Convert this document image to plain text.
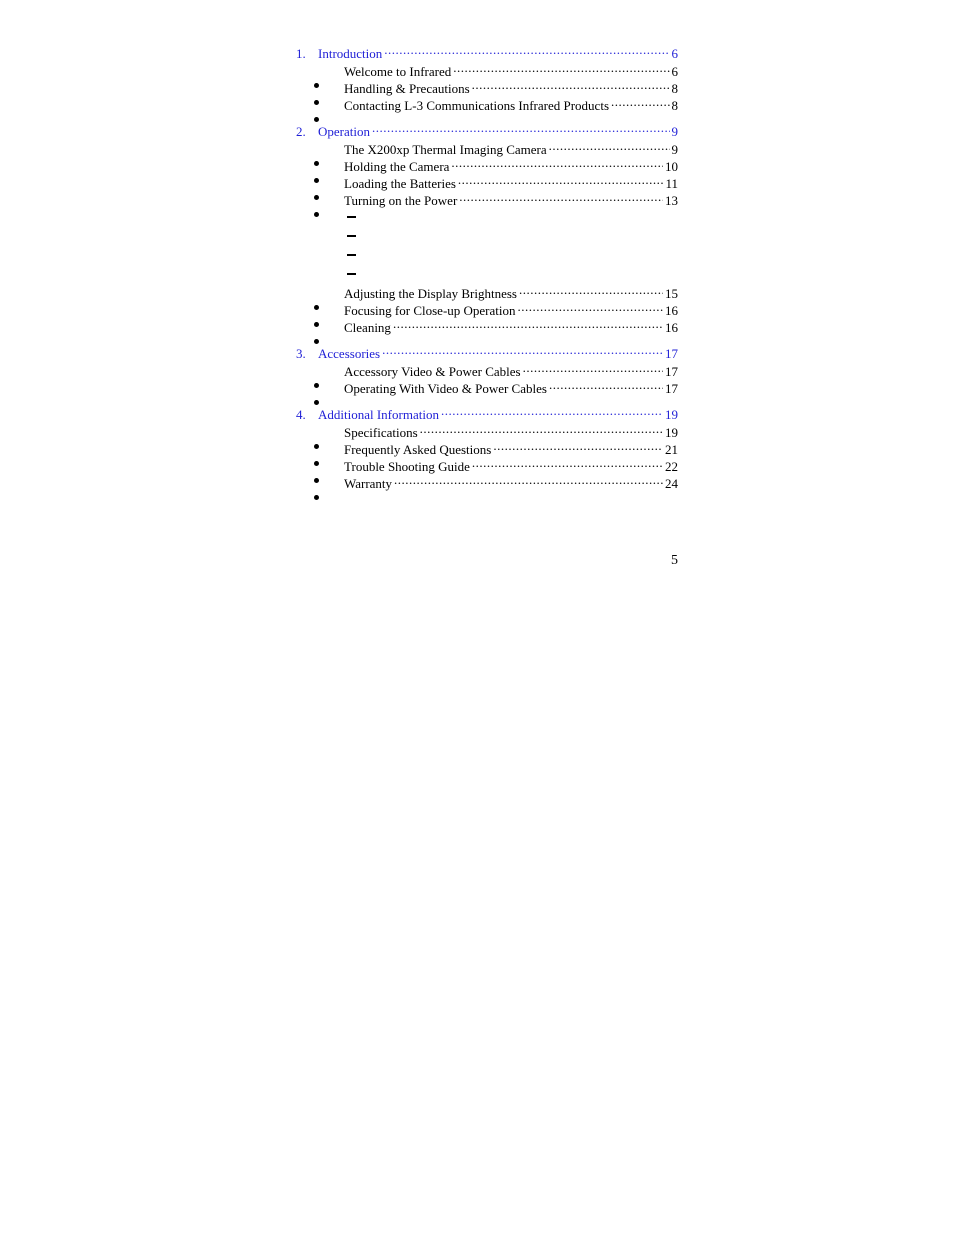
1. Introduction .....	6
Welcome to Infrared .....	6
Handling & Precautions .....	8
Contacting L-3 Communications Infrared Products .....	8
2. Operation .....	9
The X200xp Thermal Imaging Camera .....	9
Holding the Camera .....	10
Loading the Batteries .....	11
Turning on the Power .....	13
Adjusting the Display Brightness .....	15
Focusing for Close-up Operation .....	16
Cleaning .....	16
3. Accessories .....	17
Accessory Video & Power Cables .....	17
Operating With Video & Power Cables .....	17
4. Additional Information .....	19
Specifications .....	19
Frequently Asked Questions .....	21
Trouble Shooting Guide .....	22
Warranty .....	24
5
